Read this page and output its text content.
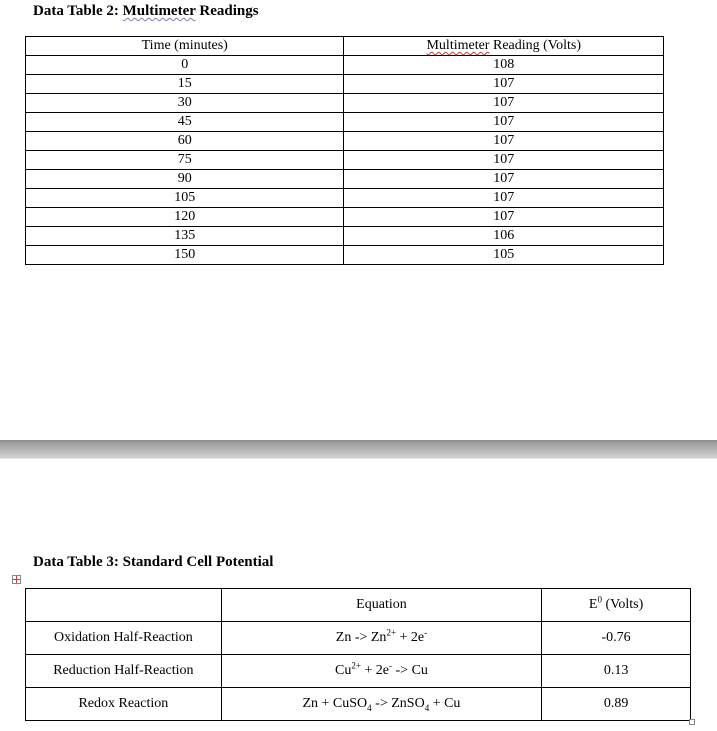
Data Table 2: Multimeter Readings
Time (minutes)	Multimeter Reading (Volts)
0	108
15	107
30	107
45	107
60	107
75	107
90	107
105	107
120	107
135	106
150	105
Data Table 3: Standard Cell Potential
	Equation	$E^0$ (Volts)
Oxidation Half-Reaction	$Zn -> Zn^{2+} + 2e^-$	-0.76
Reduction Half-Reaction	$Cu^{2+} + 2e^- -> Cu$	0.13
Redox Reaction	Zn + CuSO$_4$ -> ZnSO$_4$ + Cu	0.89
